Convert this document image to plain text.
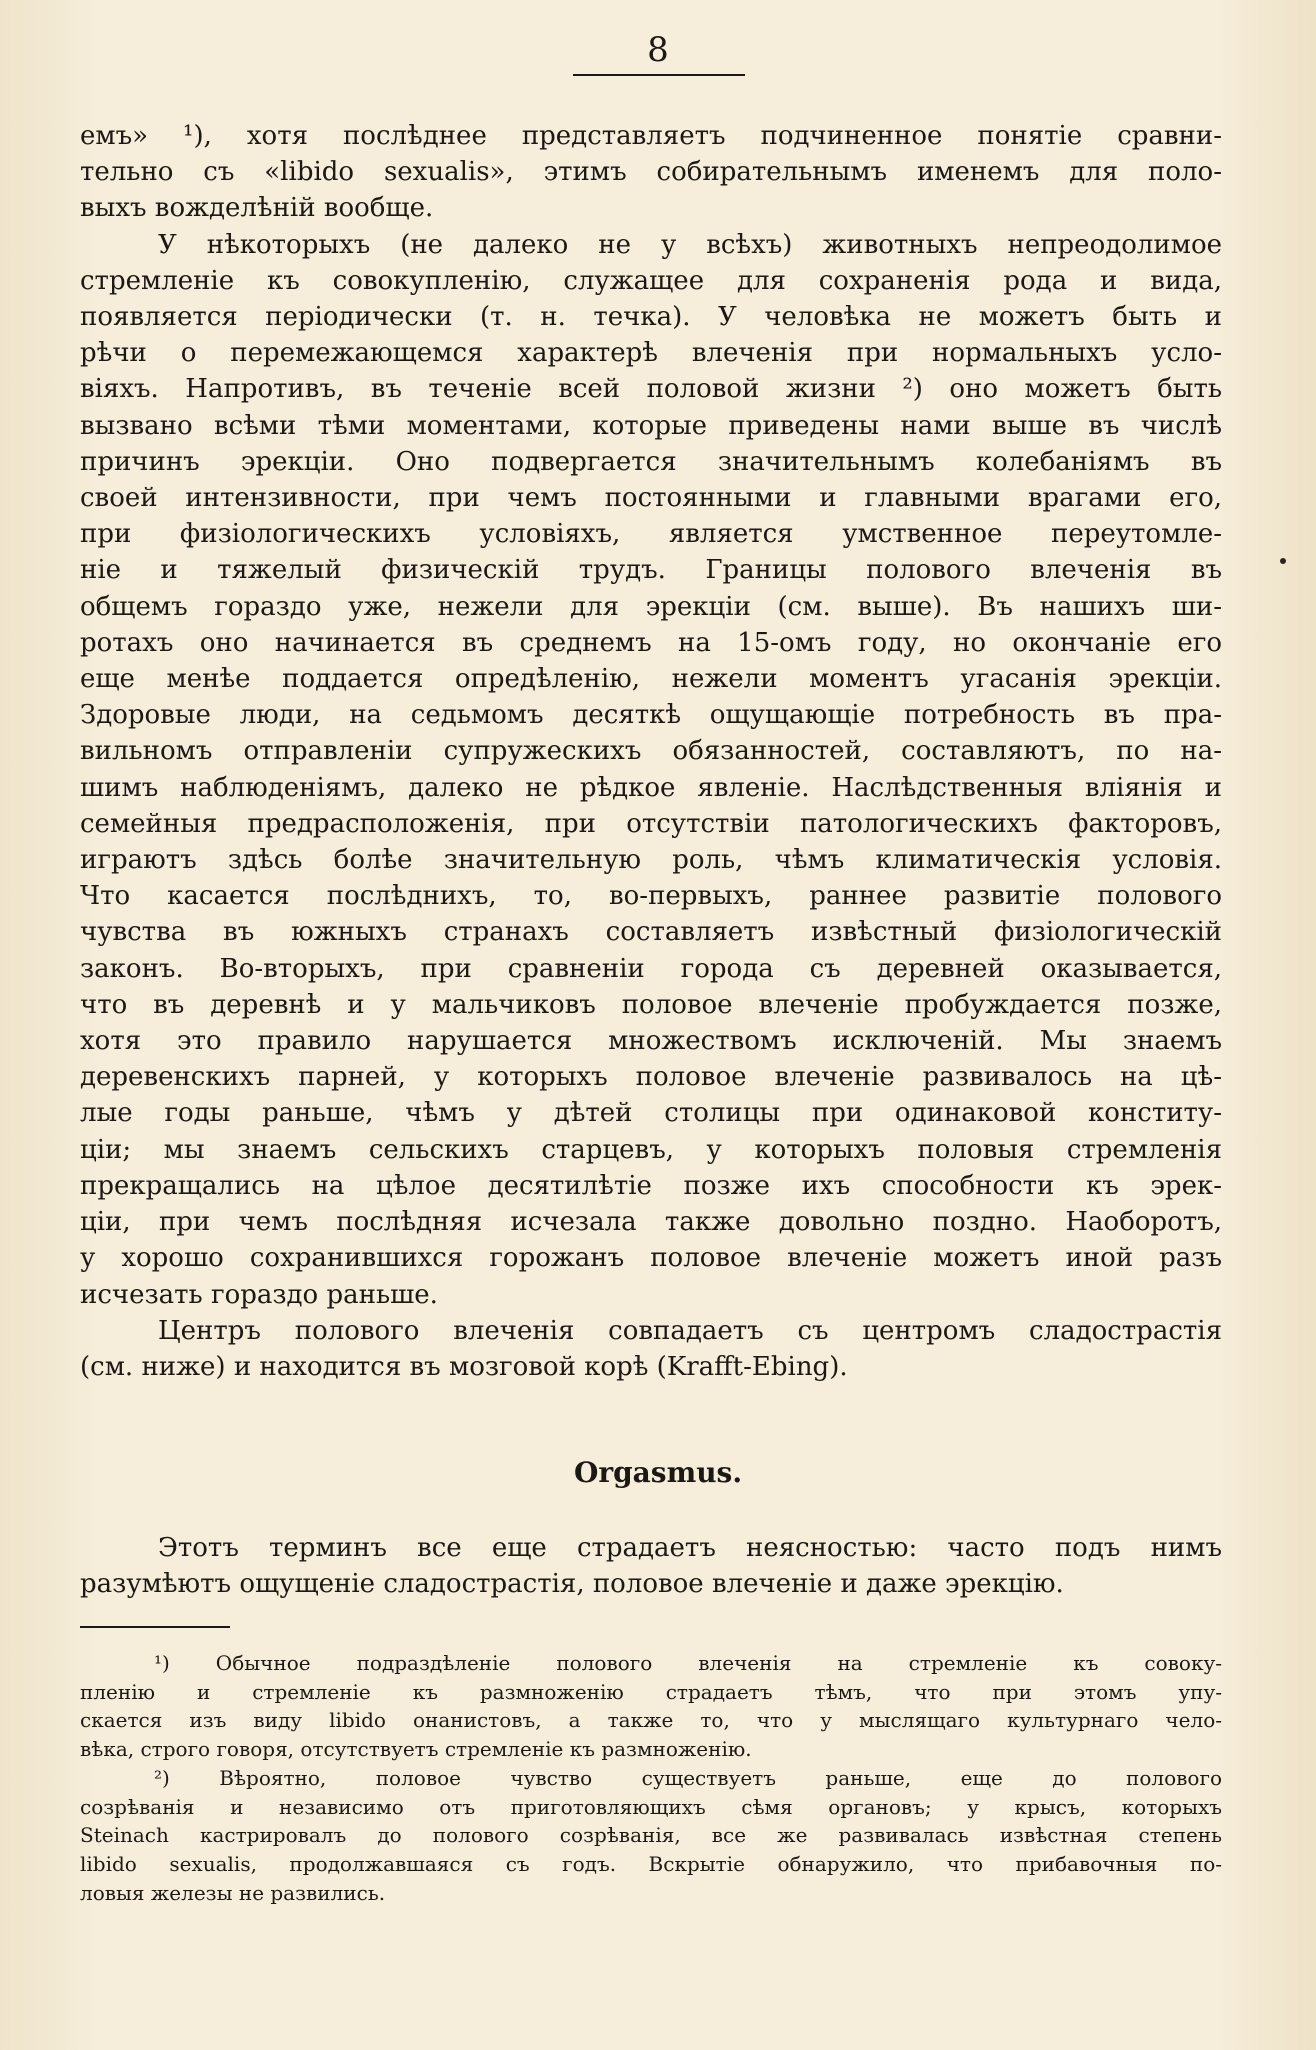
8
емъ» ¹), хотя послѣднее представляетъ подчиненное понятіе сравни-
тельно съ «libido sexualis», этимъ собирательнымъ именемъ для поло-
выхъ вожделѣній вообще.
У нѣкоторыхъ (не далеко не у всѣхъ) животныхъ непреодолимое
стремленіе къ совокупленію, служащее для сохраненія рода и вида,
появляется періодически (т. н. течка). У человѣка не можетъ быть и
рѣчи о перемежающемся характерѣ влеченія при нормальныхъ усло-
віяхъ. Напротивъ, въ теченіе всей половой жизни ²) оно можетъ быть
вызвано всѣми тѣми моментами, которые приведены нами выше въ числѣ
причинъ эрекціи. Оно подвергается значительнымъ колебаніямъ въ
своей интензивности, при чемъ постоянными и главными врагами его,
при физіологическихъ условіяхъ, является умственное переутомле-
ніе и тяжелый физическій трудъ. Границы полового влеченія въ
общемъ гораздо уже, нежели для эрекціи (см. выше). Въ нашихъ ши-
ротахъ оно начинается въ среднемъ на 15-омъ году, но окончаніе его
еще менѣе поддается опредѣленію, нежели моментъ угасанія эрекціи.
Здоровые люди, на седьмомъ десяткѣ ощущающіе потребность въ пра-
вильномъ отправленіи супружескихъ обязанностей, составляютъ, по на-
шимъ наблюденіямъ, далеко не рѣдкое явленіе. Наслѣдственныя вліянія и
семейныя предрасположенія, при отсутствіи патологическихъ факторовъ,
играютъ здѣсь болѣе значительную роль, чѣмъ климатическія условія.
Что касается послѣднихъ, то, во-первыхъ, раннее развитіе полового
чувства въ южныхъ странахъ составляетъ извѣстный физіологическій
законъ. Во-вторыхъ, при сравненіи города съ деревней оказывается,
что въ деревнѣ и у мальчиковъ половое влеченіе пробуждается позже,
хотя это правило нарушается множествомъ исключеній. Мы знаемъ
деревенскихъ парней, у которыхъ половое влеченіе развивалось на цѣ-
лые годы раньше, чѣмъ у дѣтей столицы при одинаковой конститу-
ціи; мы знаемъ сельскихъ старцевъ, у которыхъ половыя стремленія
прекращались на цѣлое десятилѣтіе позже ихъ способности къ эрек-
ціи, при чемъ послѣдняя исчезала также довольно поздно. Наоборотъ,
у хорошо сохранившихся горожанъ половое влеченіе можетъ иной разъ
исчезать гораздо раньше.
Центръ полового влеченія совпадаетъ съ центромъ сладострастія
(см. ниже) и находится въ мозговой корѣ (Krafft-Ebing).
Orgasmus.
Этотъ терминъ все еще страдаетъ неясностью: часто подъ нимъ
разумѣютъ ощущеніе сладострастія, половое влеченіе и даже эрекцію.
¹) Обычное подраздѣленіе полового влеченія на стремленіе къ совоку-
пленію и стремленіе къ размноженію страдаетъ тѣмъ, что при этомъ упу-
скается изъ виду libido онанистовъ, а также то, что у мыслящаго культурнаго чело-
вѣка, строго говоря, отсутствуетъ стремленіе къ размноженію.
²) Вѣроятно, половое чувство существуетъ раньше, еще до полового
созрѣванія и независимо отъ приготовляющихъ сѣмя органовъ; у крысъ, которыхъ
Steinach кастрировалъ до полового созрѣванія, все же развивалась извѣстная степень
libido sexualis, продолжавшаяся съ годъ. Вскрытіе обнаружило, что прибавочныя по-
ловыя железы не развились.
